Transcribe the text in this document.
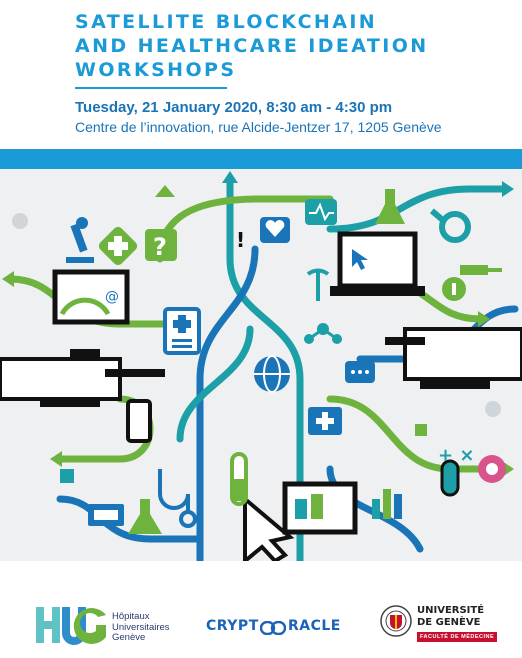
SATELLITE BLOCKCHAIN
AND HEALTHCARE IDEATION
WORKSHOPS
Tuesday, 21 January 2020, 8:30 am - 4:30 pm
Centre de l’innovation, rue Alcide-Jentzer 17, 1205 Genève
@
?
+ ×
!
Hôpitaux
Universitaires
Genève
CRYPT RACLE
UNIVERSITÉ
DE GENÈVE
FACULTÉ DE MÉDECINE
